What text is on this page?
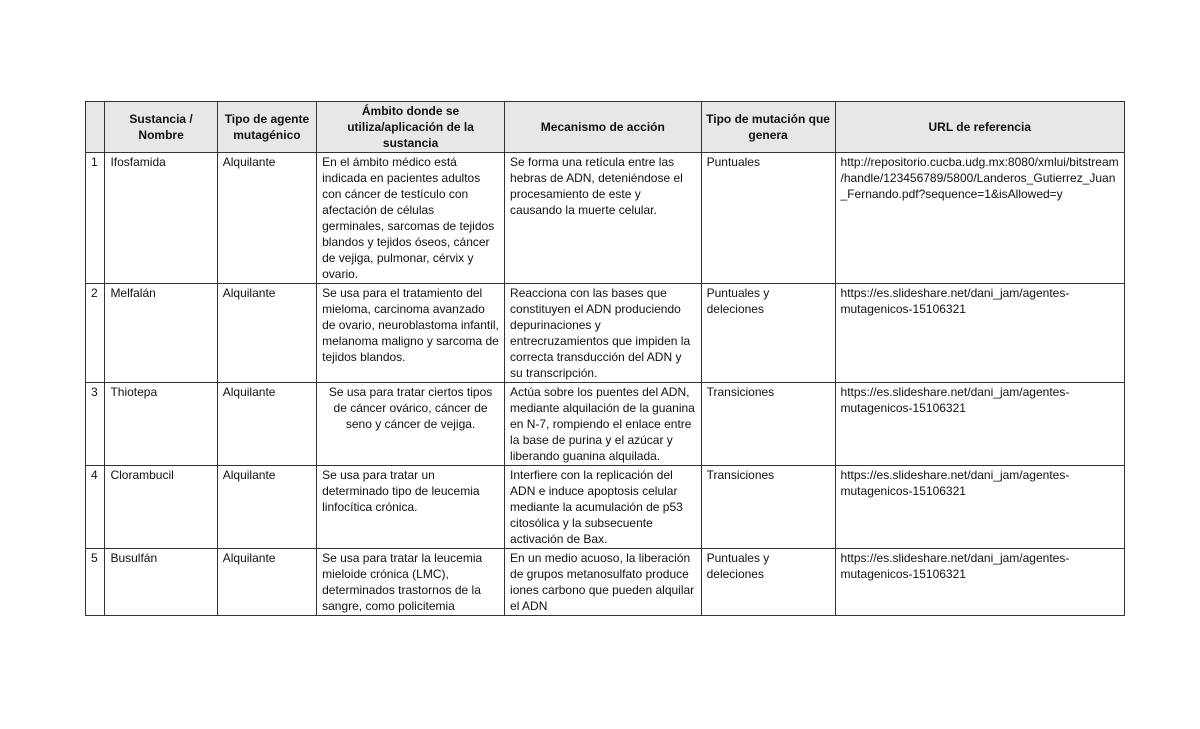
	Sustancia / Nombre	Tipo de agente mutagénico	Ámbito donde se utiliza/aplicación de la sustancia	Mecanismo de acción	Tipo de mutación que genera	URL de referencia
1	Ifosfamida	Alquilante	En el ámbito médico está indicada en pacientes adultos con cáncer de testículo con afectación de células germinales, sarcomas de tejidos blandos y tejidos óseos, cáncer de vejiga, pulmonar, cérvix y ovario.	Se forma una retícula entre las hebras de ADN, deteniéndose el procesamiento de este y causando la muerte celular.	Puntuales	http://repositorio.cucba.udg.mx:8080/xmlui/bitstream/handle/123456789/5800/Landeros_Gutierrez_Juan_Fernando.pdf?sequence=1&isAllowed=y
2	Melfalán	Alquilante	Se usa para el tratamiento del mieloma, carcinoma avanzado de ovario, neuroblastoma infantil, melanoma maligno y sarcoma de tejidos blandos.	Reacciona con las bases que constituyen el ADN produciendo depurinaciones y entrecruzamientos que impiden la correcta transducción del ADN y su transcripción.	Puntuales y deleciones	https://es.slideshare.net/dani_jam/agentes-mutagenicos-15106321
3	Thiotepa	Alquilante	Se usa para tratar ciertos tipos de cáncer ovárico, cáncer de seno y cáncer de vejiga.	Actúa sobre los puentes del ADN, mediante alquilación de la guanina en N-7, rompiendo el enlace entre la base de purina y el azúcar y liberando guanina alquilada.	Transiciones	https://es.slideshare.net/dani_jam/agentes-mutagenicos-15106321
4	Clorambucil	Alquilante	Se usa para tratar un determinado tipo de leucemia linfocítica crónica.	Interfiere con la replicación del ADN e induce apoptosis celular mediante la acumulación de p53 citosólica y la subsecuente activación de Bax.	Transiciones	https://es.slideshare.net/dani_jam/agentes-mutagenicos-15106321
5	Busulfán	Alquilante	Se usa para tratar la leucemia mieloide crónica (LMC), determinados trastornos de la sangre, como policitemia	En un medio acuoso, la liberación de grupos metanosulfato produce iones carbono que pueden alquilar el ADN	Puntuales y deleciones	https://es.slideshare.net/dani_jam/agentes-mutagenicos-15106321
